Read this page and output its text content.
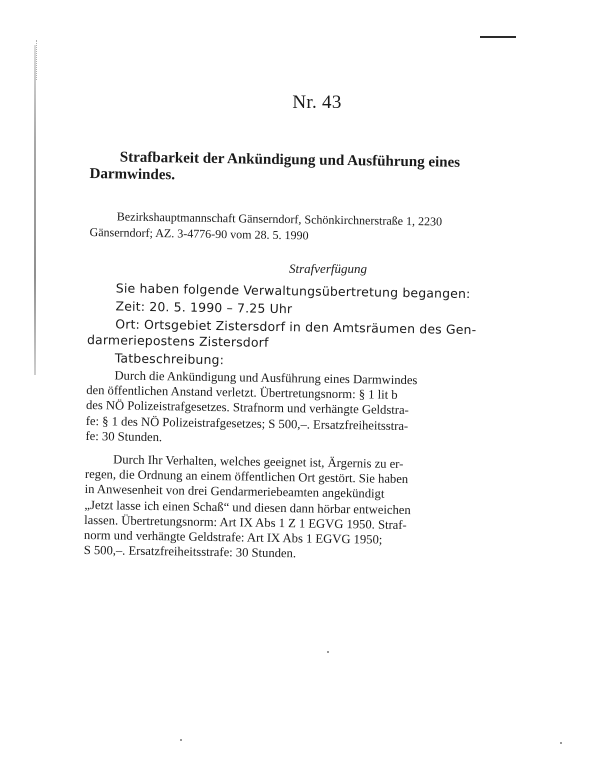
Nr. 43
Strafbarkeit der Ankündigung und Ausführung eines
Darmwindes.
Bezirkshauptmannschaft Gänserndorf, Schönkirchnerstraße 1, 2230
Gänserndorf; AZ. 3-4776-90 vom 28. 5. 1990
Strafverfügung
Sie haben folgende Verwaltungsübertretung begangen:
Zeit: 20. 5. 1990 – 7.25 Uhr
Ort: Ortsgebiet Zistersdorf in den Amtsräumen des Gen-
darmeriepostens Zistersdorf
Tatbeschreibung:
Durch die Ankündigung und Ausführung eines Darmwindes
den öffentlichen Anstand verletzt. Übertretungsnorm: § 1 lit b
des NÖ Polizeistrafgesetzes. Strafnorm und verhängte Geldstra-
fe: § 1 des NÖ Polizeistrafgesetzes; S 500,–. Ersatzfreiheitsstra-
fe: 30 Stunden.
Durch Ihr Verhalten, welches geeignet ist, Ärgernis zu er-
regen, die Ordnung an einem öffentlichen Ort gestört. Sie haben
in Anwesenheit von drei Gendarmeriebeamten angekündigt
„Jetzt lasse ich einen Schaß“ und diesen dann hörbar entweichen
lassen. Übertretungsnorm: Art IX Abs 1 Z 1 EGVG 1950. Straf-
norm und verhängte Geldstrafe: Art IX Abs 1 EGVG 1950;
S 500,–. Ersatzfreiheitsstrafe: 30 Stunden.
